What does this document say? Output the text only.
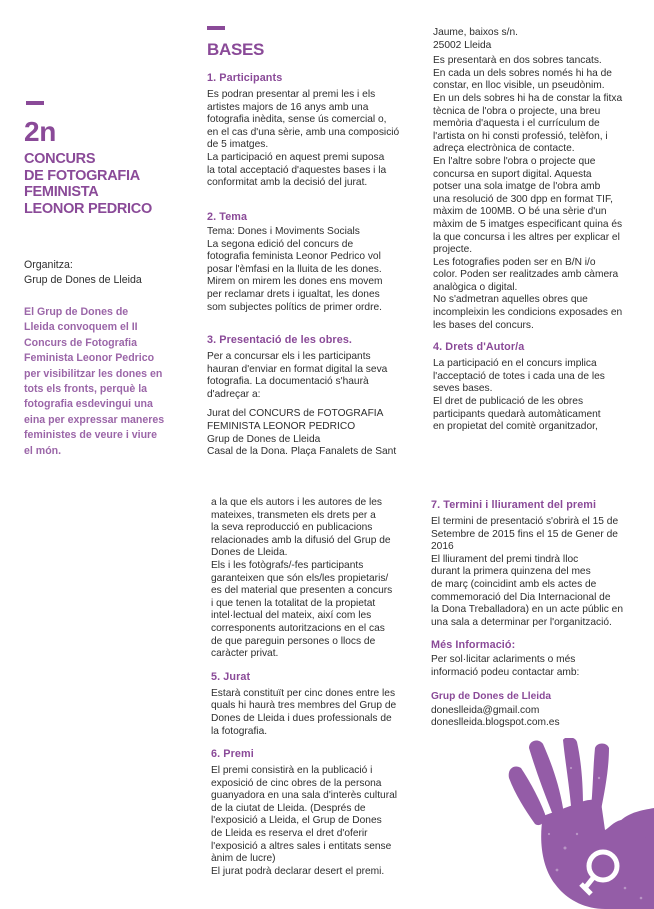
2n
CONCURS
DE FOTOGRAFIA
FEMINISTA
LEONOR PEDRICO
Organitza:
Grup de Dones de Lleida
El Grup de Dones de
Lleida convoquem el II
Concurs de Fotografia
Feminista Leonor Pedrico
per visibilitzar les dones en
tots els fronts, perquè la
fotografia esdevingui una
eina per expressar maneres
feministes de veure i viure
el món.
BASES
1. Participants
Es podran presentar al premi les i els
artistes majors de 16 anys amb una
fotografia inèdita, sense ús comercial o,
en el cas d'una sèrie, amb una composició
de 5 imatges.
La participació en aquest premi suposa
la total acceptació d'aquestes bases i la
conformitat amb la decisió del jurat.
2. Tema
Tema: Dones i Moviments Socials
La segona edició del concurs de
fotografia feminista Leonor Pedrico vol
posar l'èmfasi en la lluita de les dones.
Mirem on mirem les dones ens movem
per reclamar drets i igualtat, les dones
som subjectes polítics de primer ordre.
3. Presentació de les obres.
Per a concursar els i les participants
hauran d'enviar en format digital la seva
fotografia. La documentació s'haurà
d'adreçar a:
Jurat del CONCURS de FOTOGRAFIA
FEMINISTA LEONOR PEDRICO
Grup de Dones de Lleida
Casal de la Dona. Plaça Fanalets de Sant
Jaume, baixos s/n.
25002 Lleida
Es presentarà en dos sobres tancats.
En cada un dels sobres només hi ha de
constar, en lloc visible, un pseudònim.
En un dels sobres hi ha de constar la fitxa
tècnica de l'obra o projecte, una breu
memòria d'aquesta i el currículum de
l'artista on hi consti professió, telèfon, i
adreça electrònica de contacte.
En l'altre sobre l'obra o projecte que
concursa en suport digital. Aquesta
potser una sola imatge de l'obra amb
una resolució de 300 dpp en format TIF,
màxim de 100MB. O bé una sèrie d'un
màxim de 5 imatges especificant quina és
la que concursa i les altres per explicar el
projecte.
Les fotografies poden ser en B/N i/o
color. Poden ser realitzades amb càmera
analògica o digital.
No s'admetran aquelles obres que
incompleixin les condicions exposades en
les bases del concurs.
4. Drets d'Autor/a
La participació en el concurs implica
l'acceptació de totes i cada una de les
seves bases.
El dret de publicació de les obres
participants quedarà automàticament
en propietat del comitè organitzador,
a la que els autors i les autores de les
mateixes, transmeten els drets per a
la seva reproducció en publicacions
relacionades amb la difusió del Grup de
Dones de Lleida.
Els i les fotògrafs/-fes participants
garanteixen que són els/les propietaris/
es del material que presenten a concurs
i que tenen la totalitat de la propietat
intel·lectual del mateix, així com les
corresponents autoritzacions en el cas
de que pareguin persones o llocs de
caràcter privat.
5. Jurat
Estarà constituït per cinc dones entre les
quals hi haurà tres membres del Grup de
Dones de Lleida i dues professionals de
la fotografia.
6. Premi
El premi consistirà en la publicació i
exposició de cinc obres de la persona
guanyadora en una sala d'interès cultural
de la ciutat de Lleida. (Després de
l'exposició a Lleida, el Grup de Dones
de Lleida es reserva el dret d'oferir
l'exposició a altres sales i entitats sense
ànim de lucre)
El jurat podrà declarar desert el premi.
7. Termini i lliurament del premi
El termini de presentació s'obrirà el 15 de
Setembre de 2015 fins el 15 de Gener de
2016
El lliurament del premi tindrà lloc
durant la primera quinzena del mes
de març (coincidint amb els actes de
commemoració del Dia Internacional de
la Dona Treballadora) en un acte públic en
una sala a determinar per l'organització.
Més Informació:
Per sol·licitar aclariments o més
informació podeu contactar amb:
Grup de Dones de Lleida
doneslleida@gmail.com
doneslleida.blogspot.com.es
